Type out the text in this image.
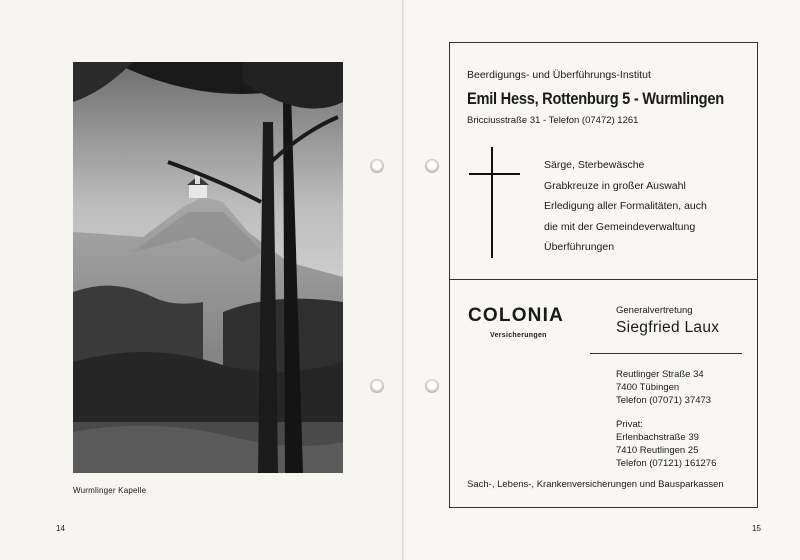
Wurmlinger Kapelle
14	15
Beerdigungs- und Überführungs-Institut
Emil Hess, Rottenburg 5 - Wurmlingen
Bricciusstraße 31 - Telefon (07472) 1261
Särge, Sterbewäsche
Grabkreuze in großer Auswahl
Erledigung aller Formalitäten, auch
die mit der Gemeindeverwaltung
Überführungen
COLONIA
Versicherungen
Generalvertretung
Siegfried Laux
Reutlinger Straße 34
7400 Tübingen
Telefon (07071) 37473
Privat:
Erlenbachstraße 39
7410 Reutlingen 25
Telefon (07121) 161276
Sach-, Lebens-, Krankenversicherungen und Bausparkassen
